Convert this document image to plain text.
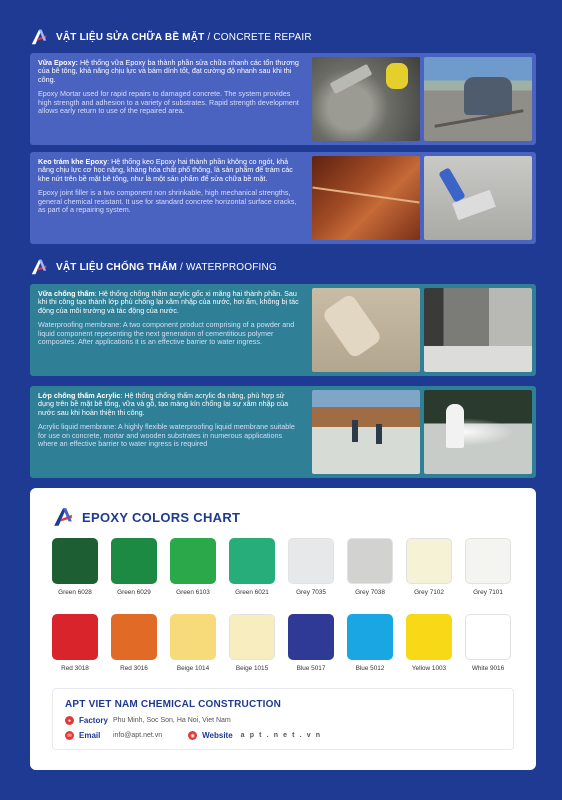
VẬT LIỆU SỬA CHỮA BỀ MẶT / CONCRETE REPAIR
Vữa Epoxy: Hệ thống vữa Epoxy ba thành phần sửa chữa nhanh các tổn thương của bê tông, khả năng chịu lực và bám dính tốt, đạt cường độ nhanh sau khi thi công.
Epoxy Mortar used for rapid repairs to damaged concrete. The system provides high strength and adhesion to a variety of substrates. Rapid strength development allows early return to use of the repaired area.
Keo trám khe Epoxy: Hệ thống keo Epoxy hai thành phần không co ngót, khả năng chịu lực cơ học nặng, kháng hóa chất phổ thông, là sản phẩm để trám các khe nứt trên bề mặt bê tông, như là một sản phẩm để sửa chữa bề mặt.
Epoxy joint filler is a two component non shrinkable, high mechanical strengths, general chemical resistant. It use for standard concrete horizontal surface cracks, as part of a repairing system.
VẬT LIỆU CHỐNG THẤM / WATERPROOFING
Vữa chống thấm: Hệ thống chống thấm acrylic gốc xi măng hai thành phần. Sau khi thi công tạo thành lớp phủ chống lại xâm nhập của nước, hơi ẩm, không bị tác động của môi trường và tác động của nước.
Waterproofing membrane: A two component product comprising of a powder and liquid component repesenting the next generation of cementitious polymer composites. After applications it is an effective barrier to water ingress.
Lớp chống thấm Acrylic: Hệ thống chống thấm acrylic đa năng, phù hợp sử dụng trên bề mặt bê tông, vữa và gỗ, tạo màng kín chống lại sự xâm nhập của nước sau khi hoàn thiện thi công.
Acrylic liquid membrane: A highly flexible waterproofing liquid membrane suitable for use on concrete, mortar and wooden substrates in numerous applications where an effective barrier to water ingress is required
EPOXY COLORS CHART
Green 6028	Green 6029	Green 6103	Green 6021	Grey 7035	Grey 7038	Grey 7102	Grey 7101
Red 3018	Red 3016	Beige 1014	Beige 1015	Blue 5017	Blue 5012	Yellow 1003	White 9016
APT VIET NAM CHEMICAL CONSTRUCTION
● Factory Phu Minh, Soc Son, Ha Noi, Viet Nam
✉ Email	info@apt.net.vn	◉ Website a p t . n e t . v n
